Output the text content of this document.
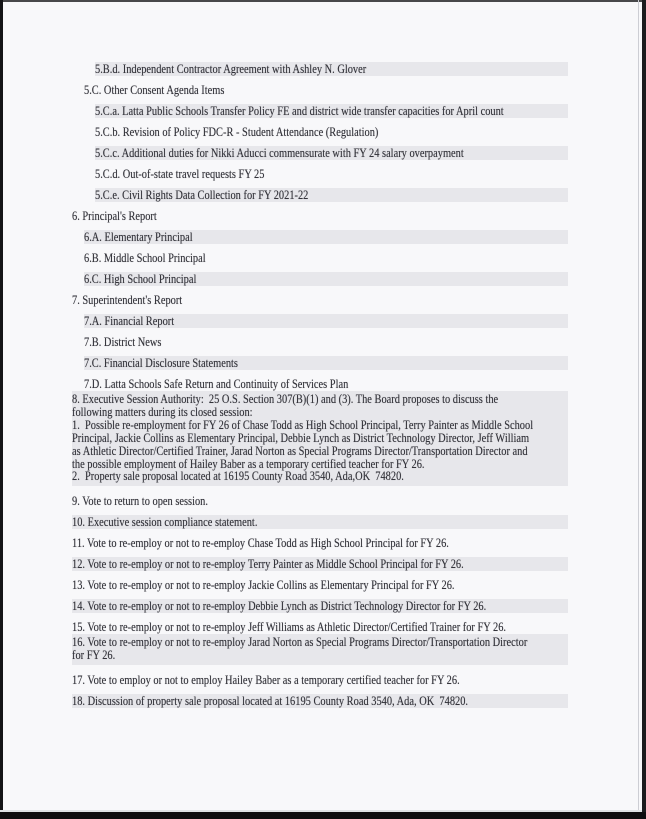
5.B.d. Independent Contractor Agreement with Ashley N. Glover
5.C. Other Consent Agenda Items
5.C.a. Latta Public Schools Transfer Policy FE and district wide transfer capacities for April count
5.C.b. Revision of Policy FDC-R - Student Attendance (Regulation)
5.C.c. Additional duties for Nikki Aducci commensurate with FY 24 salary overpayment
5.C.d. Out-of-state travel requests FY 25
5.C.e. Civil Rights Data Collection for FY 2021-22
6. Principal's Report
6.A. Elementary Principal
6.B. Middle School Principal
6.C. High School Principal
7. Superintendent's Report
7.A. Financial Report
7.B. District News
7.C. Financial Disclosure Statements
7.D. Latta Schools Safe Return and Continuity of Services Plan
8. Executive Session Authority:  25 O.S. Section 307(B)(1) and (3). The Board proposes to discuss the
following matters during its closed session:
1.  Possible re-employment for FY 26 of Chase Todd as High School Principal, Terry Painter as Middle School
Principal, Jackie Collins as Elementary Principal, Debbie Lynch as District Technology Director, Jeff William
as Athletic Director/Certified Trainer, Jarad Norton as Special Programs Director/Transportation Director and
the possible employment of Hailey Baber as a temporary certified teacher for FY 26.
2.  Property sale proposal located at 16195 County Road 3540, Ada,OK  74820.
9. Vote to return to open session.
10. Executive session compliance statement.
11. Vote to re-employ or not to re-employ Chase Todd as High School Principal for FY 26.
12. Vote to re-employ or not to re-employ Terry Painter as Middle School Principal for FY 26.
13. Vote to re-employ or not to re-employ Jackie Collins as Elementary Principal for FY 26.
14. Vote to re-employ or not to re-employ Debbie Lynch as District Technology Director for FY 26.
15. Vote to re-employ or not to re-employ Jeff Williams as Athletic Director/Certified Trainer for FY 26.
16. Vote to re-employ or not to re-employ Jarad Norton as Special Programs Director/Transportation Director
for FY 26.
17. Vote to employ or not to employ Hailey Baber as a temporary certified teacher for FY 26.
18. Discussion of property sale proposal located at 16195 County Road 3540, Ada, OK  74820.
